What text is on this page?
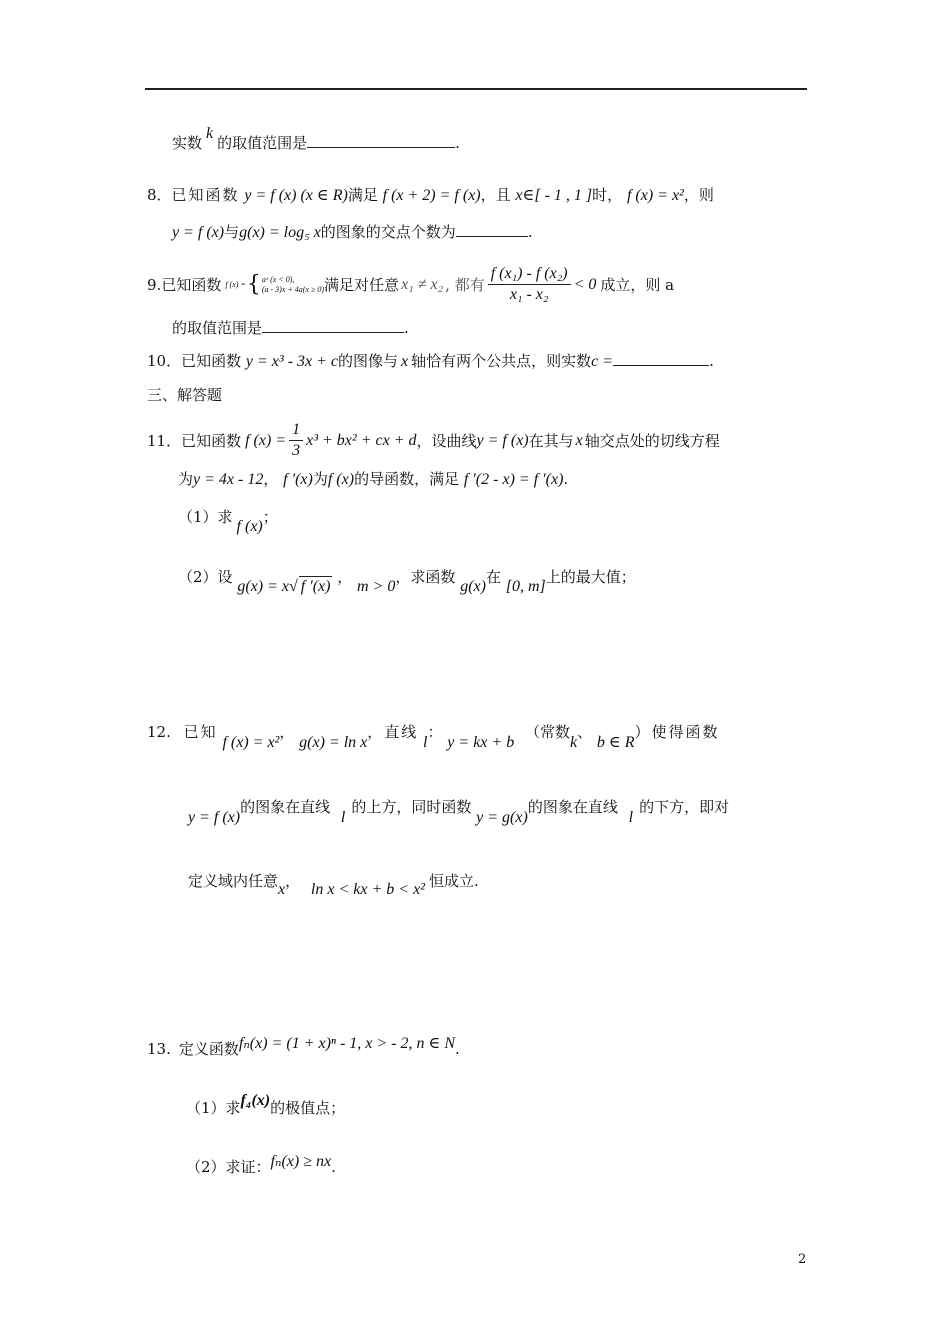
实数k的取值范围是	.
8．已知函数 y = f (x) (x ∈ R)满足 f (x + 2) = f (x)，且 x∈[ - 1 , 1 ]时， f (x) = x²，则
y = f (x)与g(x) = log₅ x的图象的交点个数为	.
9. 已知函数 f (x) = { aˣ (x < 0),
(a - 3)x + 4a(x ≥ 0) 满足对任意 x₁ ≠ x₂ , 都有 $\frac{\text{f (x₁) - f (x₂)}}{\text{x₁ - x₂}} < 0$ 成立，则 a
的取值范围是	.
10．已知函数 y = x³ - 3x + c的图像与 x 轴恰有两个公共点，则实数c =	.
三、解答题
11． 已知函数 f $(x) = \frac{1}{3} x^3 + bx^2$ + cx + d ，设曲线 y = f (x) 在其与 x 轴交点处的切线方程
为y = 4x - 12， f ′(x)为f (x)的导函数，满足 f ′(2 - x) = f ′(x).
（1）求f (x)；
（2）设 g(x) = x√ f ′(x) ， m > 0，求函数 g(x)在 [0, m]上的最大值；
12. 已知 f (x) = x²， g(x) = ln x，直线 l： y = kx + b （常数k、 b ∈ R）使得函数
y = f (x)的图象在直线 l的上方，同时函数 y = g(x)的图象在直线 l的下方，即对
定义域内任意x， ln x < kx + b < x² 恒成立.
13. 定义函数fₙ(x) = (1 + x)ⁿ - 1, x > - 2, n ∈ N.
（1）求f₄(x)的极值点；
（2）求证：fₙ(x) ≥ nx.
2
